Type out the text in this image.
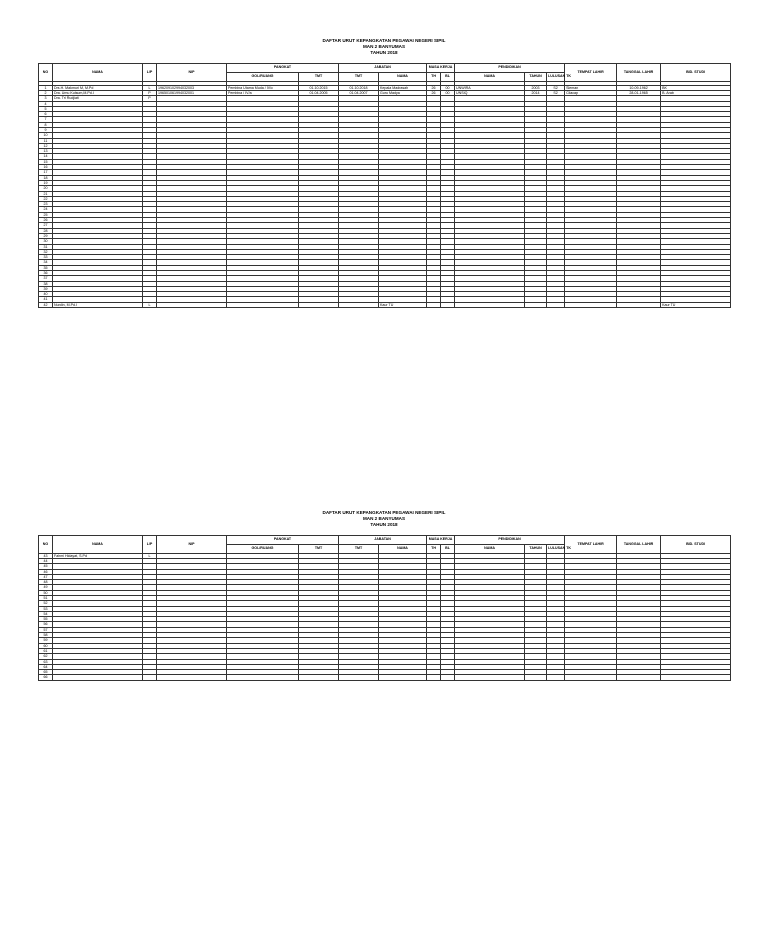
DAFTAR URUT KEPANGKATAN PEGAWAI NEGERI SIPIL
MAN 2 BANYUMAS
TAHUN 2018
NO	NAMA	L/P	NIP	PANGKAT		JABATAN		MASA KERJA		PENDIDIKAN			TEMPAT LAHIR	TANGGAL LAHIR	BID. STUDI
				GOL/RUANG	TMT	TMT	NAMA	TH	BL	NAMA	TAHUN	LULUSAN TK			

1	Drs.H. Makmuri M, M.Pd	L	196209102994032003	Pembina Utama Muda / IV/c	01.10.2015	01.10.2018	Kepala Madrasah	26	00	UNWIRA	2003	S2	Sleman	10-09-1962	BK
2	Dra. Umu Kulsum,M.Pd.I	P	196501061994032001	Pembina / IV/a	01.04.2005	01.04.2007	Guru Madya	26	00	UNSIQ	2014	S2	Cilacap	28-01-1965	B. Arab
3	Dra. Tri Rudjiati	P													
4															
5															
6															
7															
8															
9															
10															
11															
12															
13															
14															
15															
16															
17															
18															
19															
20															
21															
22															
23															
24															
25															
26															
27															
28															
29															
30															
31															
32															
33															
34															
35															
36															
37															
38															
39															
40															
41															
42	Nurdin, M.Pd.I	L					Kaur TU								Kaur TU
DAFTAR URUT KEPANGKATAN PEGAWAI NEGERI SIPIL
MAN 2 BANYUMAS
TAHUN 2018
NO	NAMA	L/P	NIP	PANGKAT		JABATAN		MASA KERJA		PENDIDIKAN			TEMPAT LAHIR	TANGGAL LAHIR	BID. STUDI
				GOL/RUANG	TMT	TMT	NAMA	TH	BL	NAMA	TAHUN	LULUSAN TK			
43	Fahmi Hidayat, S.Pd	L													
44															
45															
46															
47															
48															
49															
50															
51															
52															
53															
54															
55															
56															
57															
58															
59															
60															
61															
62															
63															
64															
65															
66															
